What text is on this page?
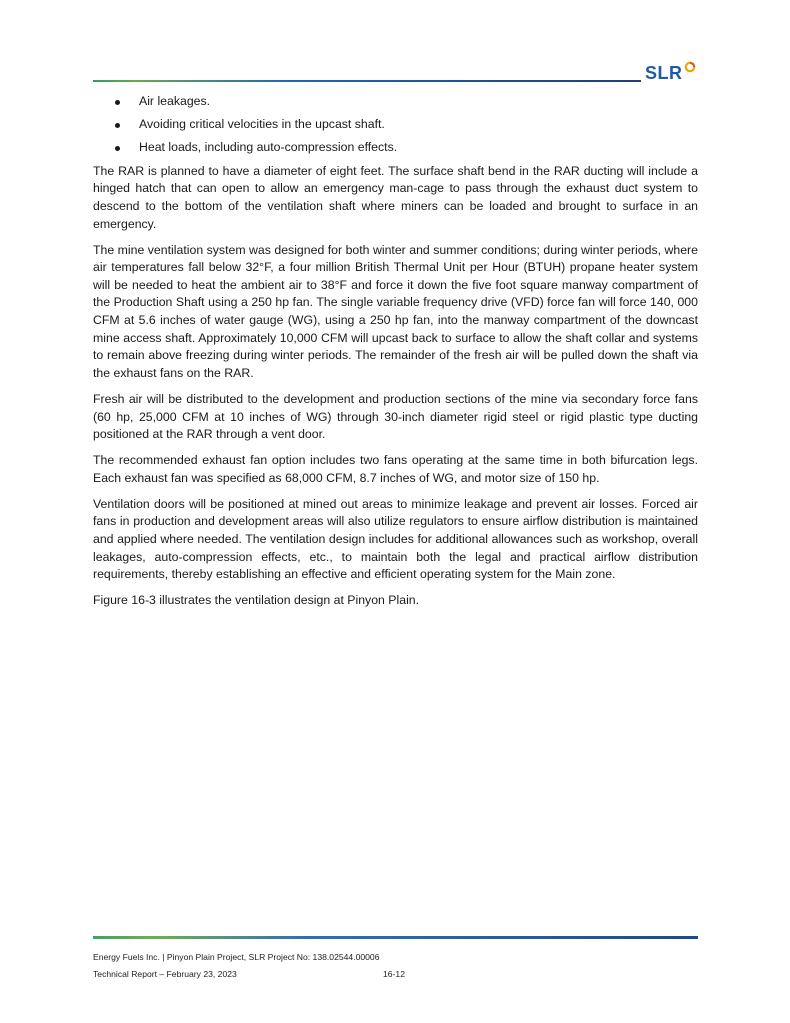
SLR
Air leakages.
Avoiding critical velocities in the upcast shaft.
Heat loads, including auto-compression effects.

The RAR is planned to have a diameter of eight feet. The surface shaft bend in the RAR ducting will include a hinged hatch that can open to allow an emergency man-cage to pass through the exhaust duct system to descend to the bottom of the ventilation shaft where miners can be loaded and brought to surface in an emergency.

The mine ventilation system was designed for both winter and summer conditions; during winter periods, where air temperatures fall below 32°F, a four million British Thermal Unit per Hour (BTUH) propane heater system will be needed to heat the ambient air to 38°F and force it down the five foot square manway compartment of the Production Shaft using a 250 hp fan. The single variable frequency drive (VFD) force fan will force 140, 000 CFM at 5.6 inches of water gauge (WG), using a 250 hp fan, into the manway compartment of the downcast mine access shaft. Approximately 10,000 CFM will upcast back to surface to allow the shaft collar and systems to remain above freezing during winter periods. The remainder of the fresh air will be pulled down the shaft via the exhaust fans on the RAR.

Fresh air will be distributed to the development and production sections of the mine via secondary force fans (60 hp, 25,000 CFM at 10 inches of WG) through 30-inch diameter rigid steel or rigid plastic type ducting positioned at the RAR through a vent door.

The recommended exhaust fan option includes two fans operating at the same time in both bifurcation legs. Each exhaust fan was specified as 68,000 CFM, 8.7 inches of WG, and motor size of 150 hp.

Ventilation doors will be positioned at mined out areas to minimize leakage and prevent air losses. Forced air fans in production and development areas will also utilize regulators to ensure airflow distribution is maintained and applied where needed. The ventilation design includes for additional allowances such as workshop, overall leakages, auto-compression effects, etc., to maintain both the legal and practical airflow distribution requirements, thereby establishing an effective and efficient operating system for the Main zone.

Figure 16-3 illustrates the ventilation design at Pinyon Plain.

Energy Fuels Inc. | Pinyon Plain Project, SLR Project No: 138.02544.00006
Technical Report – February 23, 2023	16-12
